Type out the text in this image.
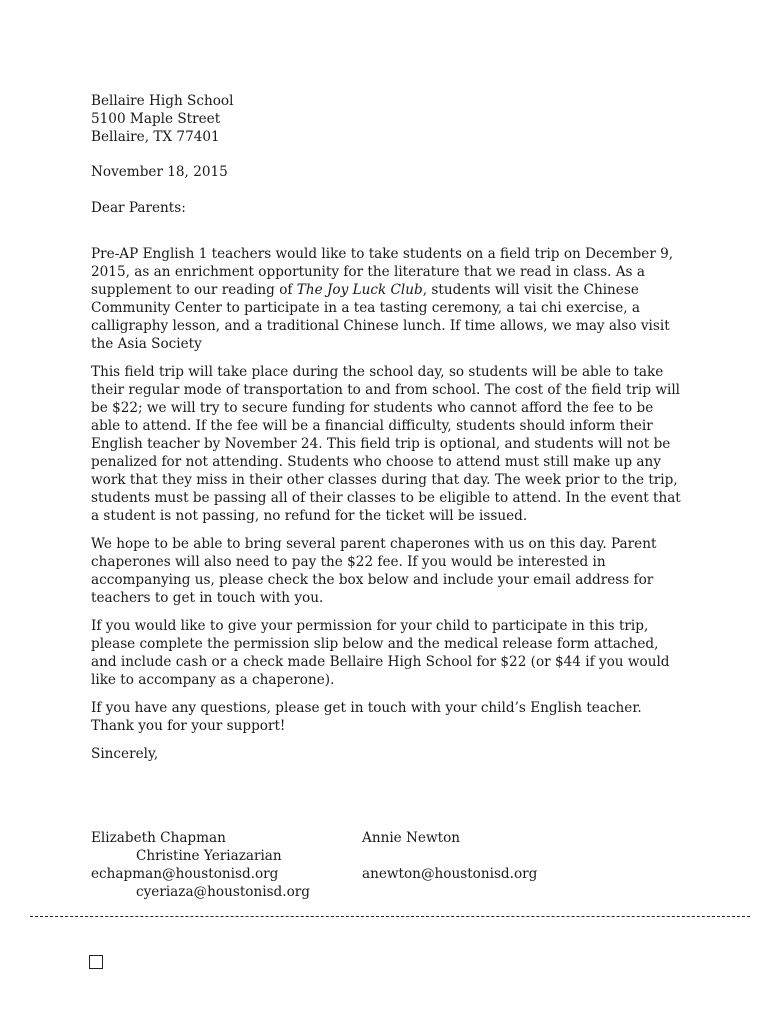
Bellaire High School
5100 Maple Street
Bellaire, TX 77401
November 18, 2015
Dear Parents:

Pre-AP English 1 teachers would like to take students on a field trip on December 9, 2015, as an enrichment opportunity for the literature that we read in class. As a supplement to our reading of The Joy Luck Club, students will visit the Chinese Community Center to participate in a tea tasting ceremony, a tai chi exercise, a calligraphy lesson, and a traditional Chinese lunch. If time allows, we may also visit the Asia Society

This field trip will take place during the school day, so students will be able to take their regular mode of transportation to and from school. The cost of the field trip will be $22; we will try to secure funding for students who cannot afford the fee to be able to attend. If the fee will be a financial difficulty, students should inform their English teacher by November 24. This field trip is optional, and students will not be penalized for not attending. Students who choose to attend must still make up any work that they miss in their other classes during that day. The week prior to the trip, students must be passing all of their classes to be eligible to attend. In the event that a student is not passing, no refund for the ticket will be issued.

We hope to be able to bring several parent chaperones with us on this day. Parent chaperones will also need to pay the $22 fee. If you would be interested in accompanying us, please check the box below and include your email address for teachers to get in touch with you.

If you would like to give your permission for your child to participate in this trip, please complete the permission slip below and the medical release form attached, and include cash or a check made Bellaire High School for $22 (or $44 if you would like to accompany as a chaperone).

If you have any questions, please get in touch with your child’s English teacher. Thank you for your support!

Sincerely,
Elizabeth Chapman
Christine Yeriazarian
echapman@houstonisd.org
cyeriaza@houstonisd.org
Annie Newton

anewton@houstonisd.org
